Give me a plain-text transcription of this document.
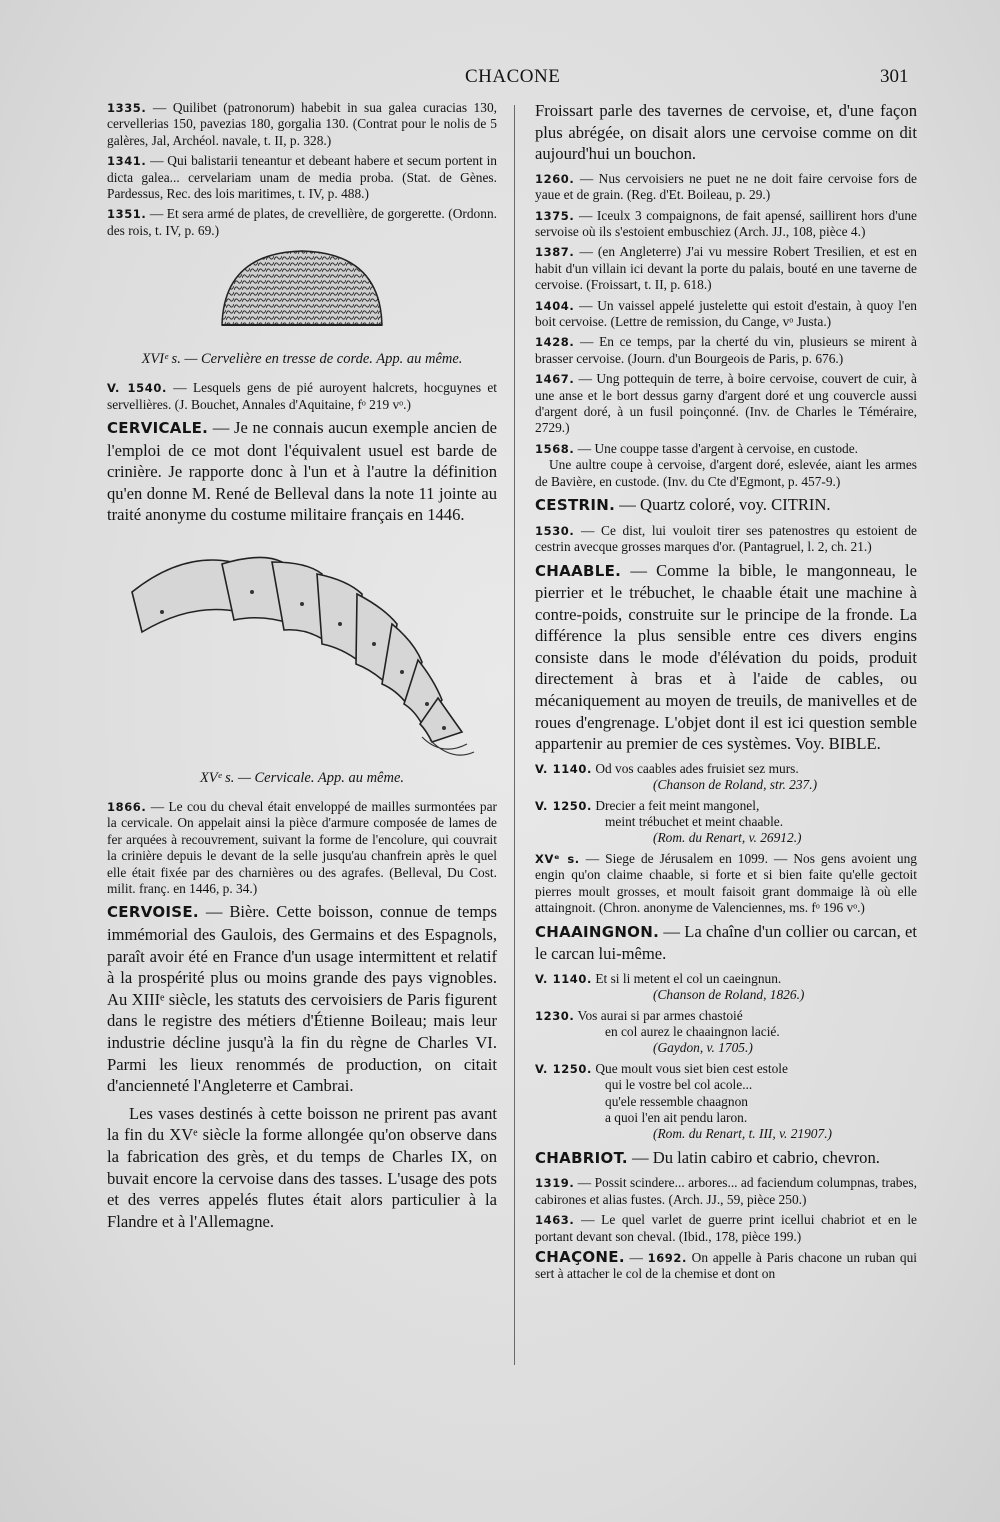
CHACONE	301

1335. — Quilibet (patronorum) habebit in sua galea curacias 130, cervellerias 150, pavezias 180, gorgalia 130. (Contrat pour le nolis de 5 galères, Jal, Archéol. navale, t. II, p. 328.)

1341. — Qui balistarii teneantur et debeant habere et secum portent in dicta galea... cervelariam unam de media proba. (Stat. de Gènes. Pardessus, Rec. des lois maritimes, t. IV, p. 488.)

1351. — Et sera armé de plates, de crevellière, de gorgerette. (Ordonn. des rois, t. IV, p. 69.)

XVIᵉ s. — Cervelière en tresse de corde. App. au même.

V. 1540. — Lesquels gens de pié auroyent halcrets, hocguynes et servellières. (J. Bouchet, Annales d'Aquitaine, fᵒ 219 vᵒ.)

CERVICALE. — Je ne connais aucun exemple ancien de l'emploi de ce mot dont l'équivalent usuel est barde de crinière. Je rapporte donc à l'un et à l'autre la définition qu'en donne M. René de Belleval dans la note 11 jointe au traité anonyme du costume militaire français en 1446.

XVᵉ s. — Cervicale. App. au même.

1866. — Le cou du cheval était enveloppé de mailles surmontées par la cervicale. On appelait ainsi la pièce d'armure composée de lames de fer arquées à recouvrement, suivant la forme de l'encolure, qui couvrait la crinière depuis le devant de la selle jusqu'au chanfrein après le quel elle était fixée par des charnières ou des agrafes. (Belleval, Du Cost. milit. franç. en 1446, p. 34.)

CERVOISE. — Bière. Cette boisson, connue de temps immémorial des Gaulois, des Germains et des Espagnols, paraît avoir été en France d'un usage intermittent et relatif à la prospérité plus ou moins grande des pays vignobles. Au XIIIᵉ siècle, les statuts des cervoisiers de Paris figurent dans le registre des métiers d'Étienne Boileau; mais leur industrie décline jusqu'à la fin du règne de Charles VI. Parmi les lieux renommés de production, on citait d'ancienneté l'Angleterre et Cambrai.

Les vases destinés à cette boisson ne prirent pas avant la fin du XVᵉ siècle la forme allongée qu'on observe dans la fabrication des grès, et du temps de Charles IX, on buvait encore la cervoise dans des tasses. L'usage des pots et des verres appelés flutes était alors particulier à la Flandre et à l'Allemagne.

Froissart parle des tavernes de cervoise, et, d'une façon plus abrégée, on disait alors une cervoise comme on dit aujourd'hui un bouchon.

1260. — Nus cervoisiers ne puet ne ne doit faire cervoise fors de yaue et de grain. (Reg. d'Et. Boileau, p. 29.)

1375. — Iceulx 3 compaignons, de fait apensé, saillirent hors d'une servoise où ils s'estoient embuschiez (Arch. JJ., 108, pièce 4.)

1387. — (en Angleterre) J'ai vu messire Robert Tresilien, et est en habit d'un villain ici devant la porte du palais, bouté en une taverne de cervoise. (Froissart, t. II, p. 618.)

1404. — Un vaissel appelé justelette qui estoit d'estain, à quoy l'en boit cervoise. (Lettre de remission, du Cange, vᵒ Justa.)

1428. — En ce temps, par la cherté du vin, plusieurs se mirent à brasser cervoise. (Journ. d'un Bourgeois de Paris, p. 676.)

1467. — Ung pottequin de terre, à boire cervoise, couvert de cuir, à une anse et le bort dessus garny d'argent doré et ung couvercle aussi d'argent doré, à un fusil poinçonné. (Inv. de Charles le Téméraire, 2729.)

1568. — Une couppe tasse d'argent à cervoise, en custode.

Une aultre coupe à cervoise, d'argent doré, eslevée, aiant les armes de Bavière, en custode. (Inv. du Cte d'Egmont, p. 457-9.)

CESTRIN. — Quartz coloré, voy. CITRIN.

1530. — Ce dist, lui vouloit tirer ses patenostres qu estoient de cestrin avecque grosses marques d'or. (Pantagruel, l. 2, ch. 21.)

CHAABLE. — Comme la bible, le mangonneau, le pierrier et le trébuchet, le chaable était une machine à contre-poids, construite sur le principe de la fronde. La différence la plus sensible entre ces divers engins consiste dans le mode d'élévation du poids, produit directement à bras et à l'aide de cables, ou mécaniquement au moyen de treuils, de manivelles et de roues d'engrenage. L'objet dont il est ici question semble appartenir au premier de ces systèmes. Voy. BIBLE.

V. 1140. Od vos caables ades fruisiet sez murs.
(Chanson de Roland, str. 237.)
V. 1250. Drecier a feit meint mangonel,
meint trébuchet et meint chaable.
(Rom. du Renart, v. 26912.)

XVᵉ s. — Siege de Jérusalem en 1099. — Nos gens avoient ung engin qu'on claime chaable, si forte et si bien faite qu'elle gectoit pierres moult grosses, et moult faisoit grant dommaige là où elle attaingnoit. (Chron. anonyme de Valenciennes, ms. fᵒ 196 vᵒ.)

CHAAINGNON. — La chaîne d'un collier ou carcan, et le carcan lui-même.

V. 1140. Et si li metent el col un caeingnun.
(Chanson de Roland, 1826.)
1230. Vos aurai si par armes chastoié
en col aurez le chaaingnon lacié.
(Gaydon, v. 1705.)
V. 1250. Que moult vous siet bien cest estole
qui le vostre bel col acole...
qu'ele ressemble chaagnon
a quoi l'en ait pendu laron.
(Rom. du Renart, t. III, v. 21907.)

CHABRIOT. — Du latin cabiro et cabrio, chevron.

1319. — Possit scindere... arbores... ad faciendum columpnas, trabes, cabirones et alias fustes. (Arch. JJ., 59, pièce 250.)

1463. — Le quel varlet de guerre print icellui chabriot et en le portant devant son cheval. (Ibid., 178, pièce 199.)

CHAÇONE. — 1692. On appelle à Paris chacone un ruban qui sert à attacher le col de la chemise et dont on
